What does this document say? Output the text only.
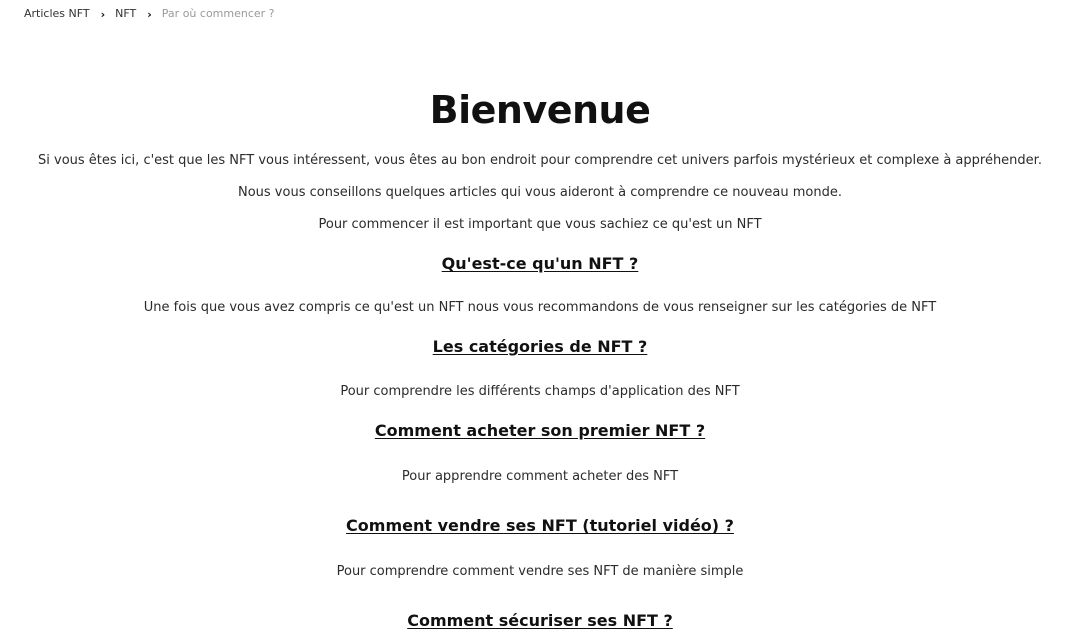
Articles NFT › NFT › Par où commencer ?
Bienvenue

Si vous êtes ici, c'est que les NFT vous intéressent, vous êtes au bon endroit pour comprendre cet univers parfois mystérieux et complexe à appréhender.

Nous vous conseillons quelques articles qui vous aideront à comprendre ce nouveau monde.

Pour commencer il est important que vous sachiez ce qu'est un NFT

Qu'est-ce qu'un NFT ?

Une fois que vous avez compris ce qu'est un NFT nous vous recommandons de vous renseigner sur les catégories de NFT

Les catégories de NFT ?

Pour comprendre les différents champs d'application des NFT

Comment acheter son premier NFT ?

Pour apprendre comment acheter des NFT

Comment vendre ses NFT (tutoriel vidéo) ?

Pour comprendre comment vendre ses NFT de manière simple

Comment sécuriser ses NFT ?
